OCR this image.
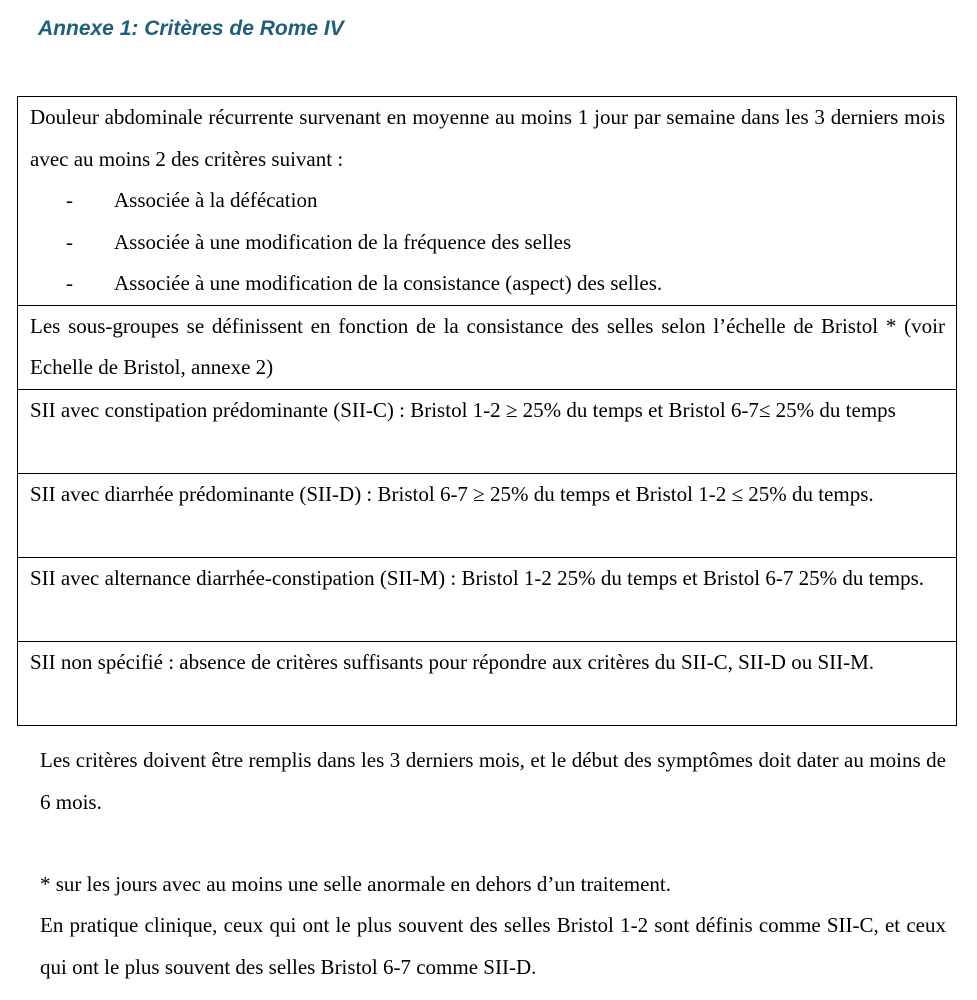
Annexe 1: Critères de Rome IV
Douleur abdominale récurrente survenant en moyenne au moins 1 jour par semaine dans les 3 derniers mois avec au moins 2 des critères suivant :
- Associée à la défécation
- Associée à une modification de la fréquence des selles
- Associée à une modification de la consistance (aspect) des selles.

Les sous-groupes se définissent en fonction de la consistance des selles selon l’échelle de Bristol * (voir Echelle de Bristol, annexe 2)
SII avec constipation prédominante (SII-C) : Bristol 1-2 ≥ 25% du temps et Bristol 6-7≤ 25% du temps
SII avec diarrhée prédominante (SII-D) : Bristol 6-7 ≥ 25% du temps et Bristol 1-2 ≤ 25% du temps.
SII avec alternance diarrhée-constipation (SII-M) : Bristol 1-2 25% du temps et Bristol 6-7 25% du temps.
SII non spécifié : absence de critères suffisants pour répondre aux critères du SII-C, SII-D ou SII-M.

Les critères doivent être remplis dans les 3 derniers mois, et le début des symptômes doit dater au moins de 6 mois.

* sur les jours avec au moins une selle anormale en dehors d’un traitement.

En pratique clinique, ceux qui ont le plus souvent des selles Bristol 1-2 sont définis comme SII-C, et ceux qui ont le plus souvent des selles Bristol 6-7 comme SII-D.
